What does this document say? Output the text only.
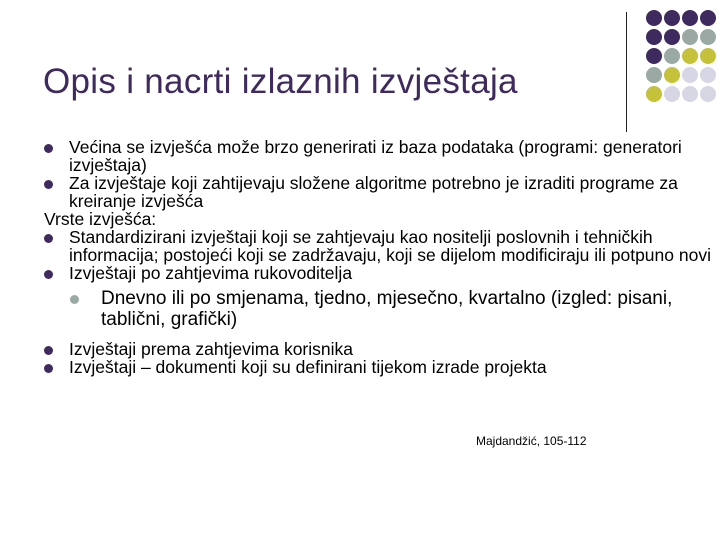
Opis i nacrti izlaznih izvještaja
Većina se izvješća može brzo generirati iz baza podataka (programi: generatori izvještaja)
Za izvještaje koji zahtijevaju složene algoritme potrebno je izraditi programe za kreiranje izvješća
Vrste izvješća:
Standardizirani izvještaji koji se zahtjevaju kao nositelji poslovnih i tehničkih informacija; postojeći koji se zadržavaju, koji se dijelom modificiraju ili potpuno novi
Izvještaji po zahtjevima rukovoditelja
Dnevno ili po smjenama, tjedno, mjesečno, kvartalno (izgled: pisani, tablični, grafički)
Izvještaji prema zahtjevima korisnika
Izvještaji – dokumenti koji su definirani tijekom izrade projekta
Majdandžić, 105-112
